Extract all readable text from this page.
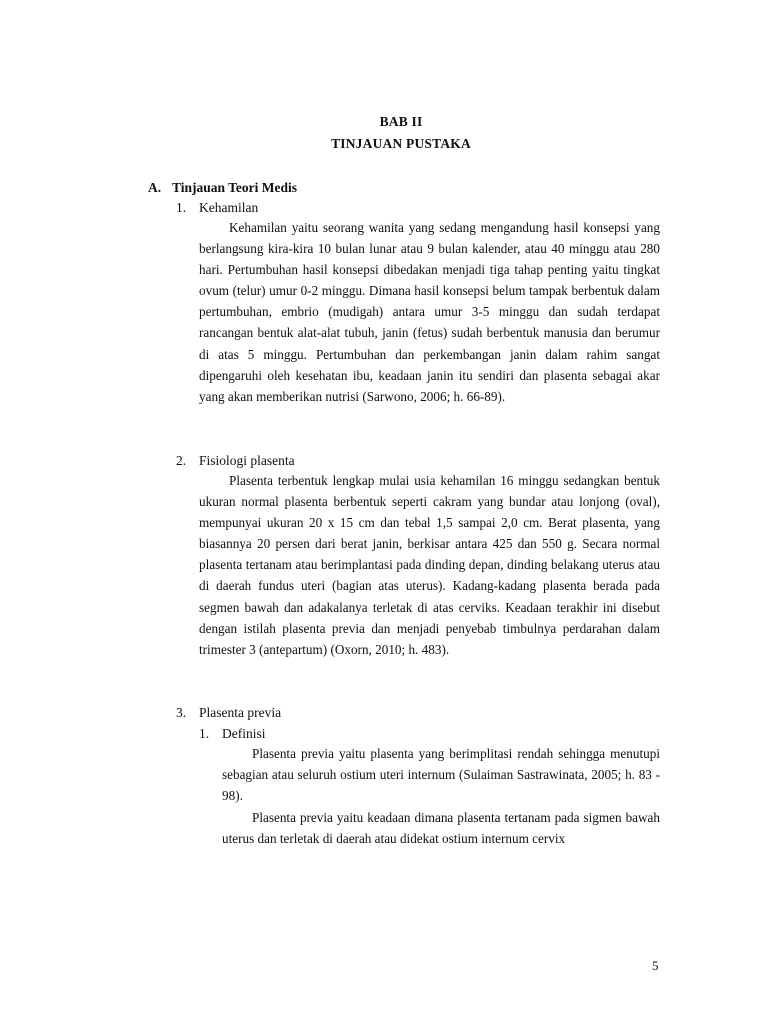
BAB II
TINJAUAN PUSTAKA
A. Tinjauan Teori Medis
1. Kehamilan

Kehamilan yaitu seorang wanita yang sedang mengandung hasil konsepsi yang berlangsung kira-kira 10 bulan lunar atau 9 bulan kalender, atau 40 minggu atau 280 hari. Pertumbuhan hasil konsepsi dibedakan menjadi tiga tahap penting yaitu tingkat ovum (telur) umur 0-2 minggu. Dimana hasil konsepsi belum tampak berbentuk dalam pertumbuhan, embrio (mudigah) antara umur 3-5 minggu dan sudah terdapat rancangan bentuk alat-alat tubuh, janin (fetus) sudah berbentuk manusia dan berumur di atas 5 minggu. Pertumbuhan dan perkembangan janin dalam rahim sangat dipengaruhi oleh kesehatan ibu, keadaan janin itu sendiri dan plasenta sebagai akar yang akan memberikan nutrisi (Sarwono, 2006; h. 66-89).

2. Fisiologi plasenta

Plasenta terbentuk lengkap mulai usia kehamilan 16 minggu sedangkan bentuk ukuran normal plasenta berbentuk seperti cakram yang bundar atau lonjong (oval), mempunyai ukuran 20 x 15 cm dan tebal 1,5 sampai 2,0 cm. Berat plasenta, yang biasannya 20 persen dari berat janin, berkisar antara 425 dan 550 g. Secara normal plasenta tertanam atau berimplantasi pada dinding depan, dinding belakang uterus atau di daerah fundus uteri (bagian atas uterus). Kadang-kadang plasenta berada pada segmen bawah dan adakalanya terletak di atas cerviks. Keadaan terakhir ini disebut dengan istilah plasenta previa dan menjadi penyebab timbulnya perdarahan dalam trimester 3 (antepartum) (Oxorn, 2010; h. 483).

3. Plasenta previa
1. Definisi

Plasenta previa yaitu plasenta yang berimplitasi rendah sehingga menutupi sebagian atau seluruh ostium uteri internum (Sulaiman Sastrawinata, 2005; h. 83 - 98).

Plasenta previa yaitu keadaan dimana plasenta tertanam pada sigmen bawah uterus dan terletak di daerah atau didekat ostium internum cervix

5
